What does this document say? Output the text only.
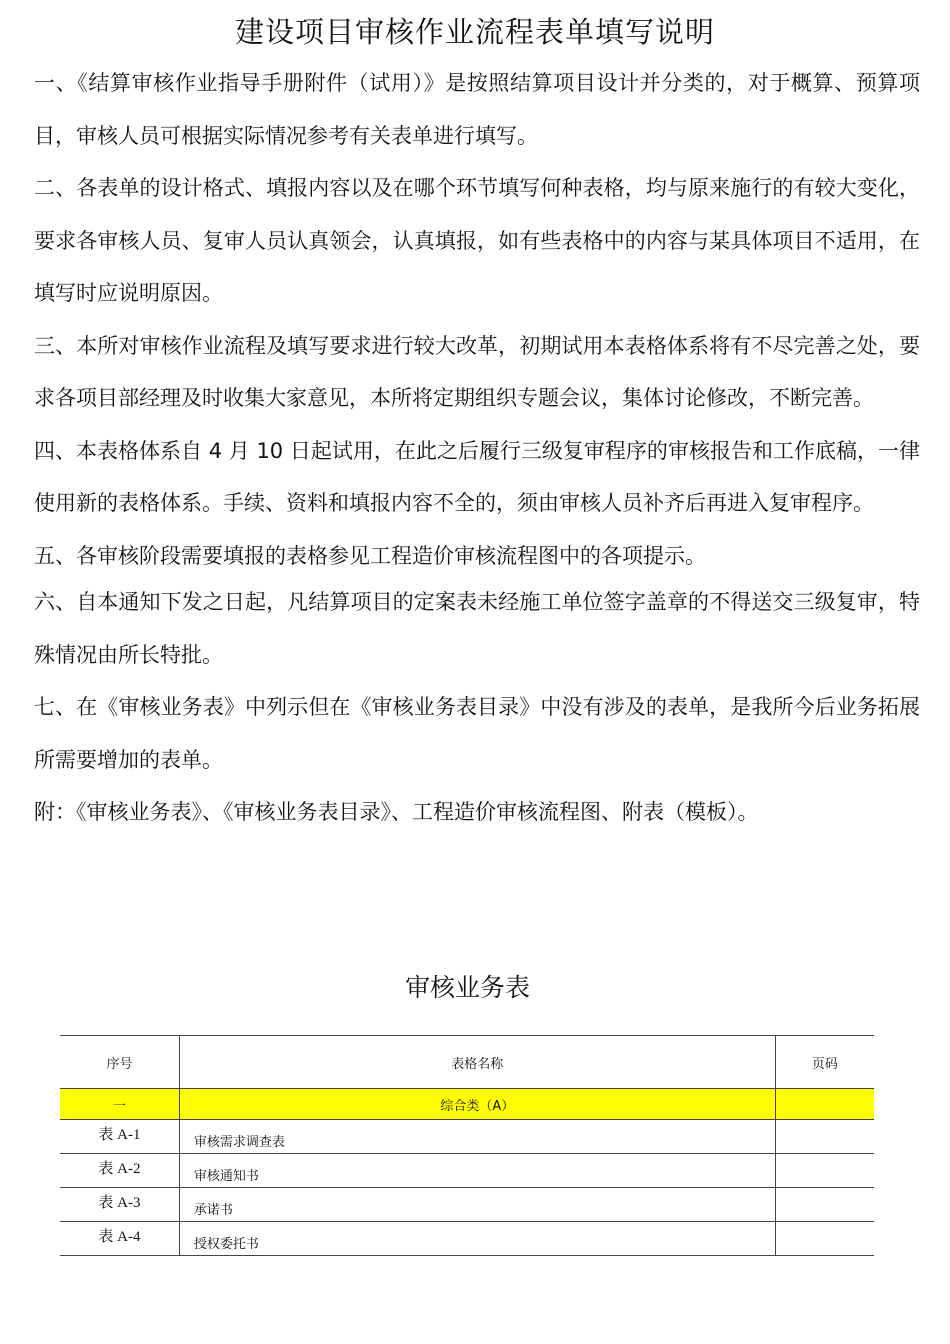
建设项目审核作业流程表单填写说明

一、《结算审核作业指导手册附件（试用）》是按照结算项目设计并分类的，对于概算、预算项目，审核人员可根据实际情况参考有关表单进行填写。

二、各表单的设计格式、填报内容以及在哪个环节填写何种表格，均与原来施行的有较大变化，要求各审核人员、复审人员认真领会，认真填报，如有些表格中的内容与某具体项目不适用，在填写时应说明原因。

三、本所对审核作业流程及填写要求进行较大改革，初期试用本表格体系将有不尽完善之处，要求各项目部经理及时收集大家意见，本所将定期组织专题会议，集体讨论修改，不断完善。

四、本表格体系自 4 月 10 日起试用，在此之后履行三级复审程序的审核报告和工作底稿，一律使用新的表格体系。手续、资料和填报内容不全的，须由审核人员补齐后再进入复审程序。

五、各审核阶段需要填报的表格参见工程造价审核流程图中的各项提示。

六、自本通知下发之日起，凡结算项目的定案表未经施工单位签字盖章的不得送交三级复审，特殊情况由所长特批。

七、在《审核业务表》中列示但在《审核业务表目录》中没有涉及的表单，是我所今后业务拓展所需要增加的表单。

附：《审核业务表》、《审核业务表目录》、工程造价审核流程图、附表（模板）。

审核业务表
序号	表格名称	页码
一	综合类（A）	
表 A-1	审核需求调查表	
表 A-2	审核通知书	
表 A-3	承诺书	
表 A-4	授权委托书	
